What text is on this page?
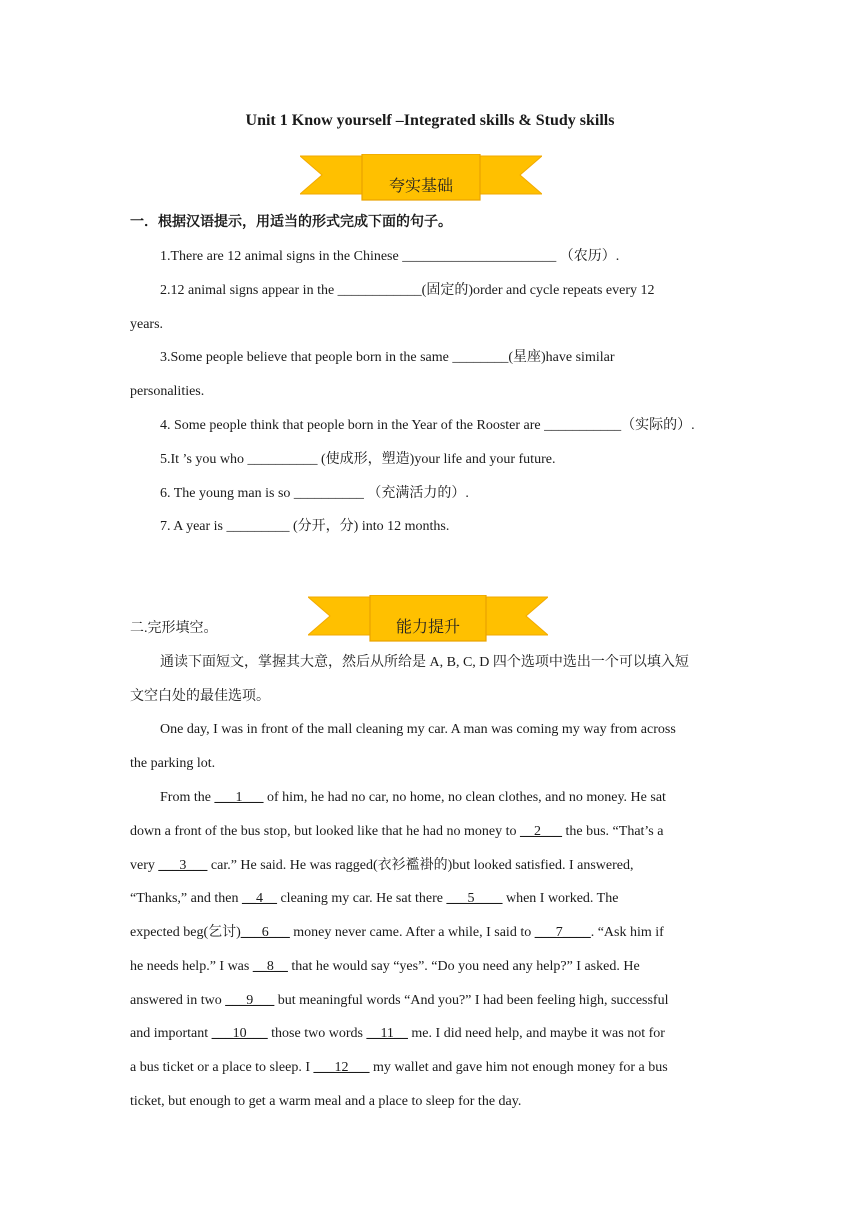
Unit 1 Know yourself –Integrated skills & Study skills
夸实基础
一．根据汉语提示，用适当的形式完成下面的句子。
1.There are 12 animal signs in the Chinese ______________________ （农历）.
2.12 animal signs appear in the ____________(固定的)order and cycle repeats every 12
years.
3.Some people believe that people born in the same ________(星座)have similar
personalities.
4. Some people think that people born in the Year of the Rooster are ___________（实际的）.
5.It ’s you who __________ (使成形，塑造)your life and your future.
6. The young man is so __________ （充满活力的）.
7. A year is _________ (分开，分) into 12 months.
能力提升
二.完形填空。
通读下面短文，掌握其大意，然后从所给是 A, B, C, D 四个选项中选出一个可以填入短
文空白处的最佳选项。
One day, I was in front of the mall cleaning my car. A man was coming my way from across
the parking lot.
From the ___1___ of him, he had no car, no home, no clean clothes, and no money. He sat
down a front of the bus stop, but looked like that he had no money to __2___ the bus. “That’s a
very ___3___ car.” He said. He was ragged(衣衫襤褂的)but looked satisfied. I answered,
“Thanks,” and then __4__ cleaning my car. He sat there ___5____ when I worked. The
expected beg(乞讨)___6___ money never came. After a while, I said to ___7____. “Ask him if
he needs help.” I was __8__ that he would say “yes”. “Do you need any help?” I asked. He
answered in two ___9___ but meaningful words “And you?” I had been feeling high, successful
and important ___10___ those two words __11__ me. I did need help, and maybe it was not for
a bus ticket or a place to sleep. I ___12___ my wallet and gave him not enough money for a bus
ticket, but enough to get a warm meal and a place to sleep for the day.
